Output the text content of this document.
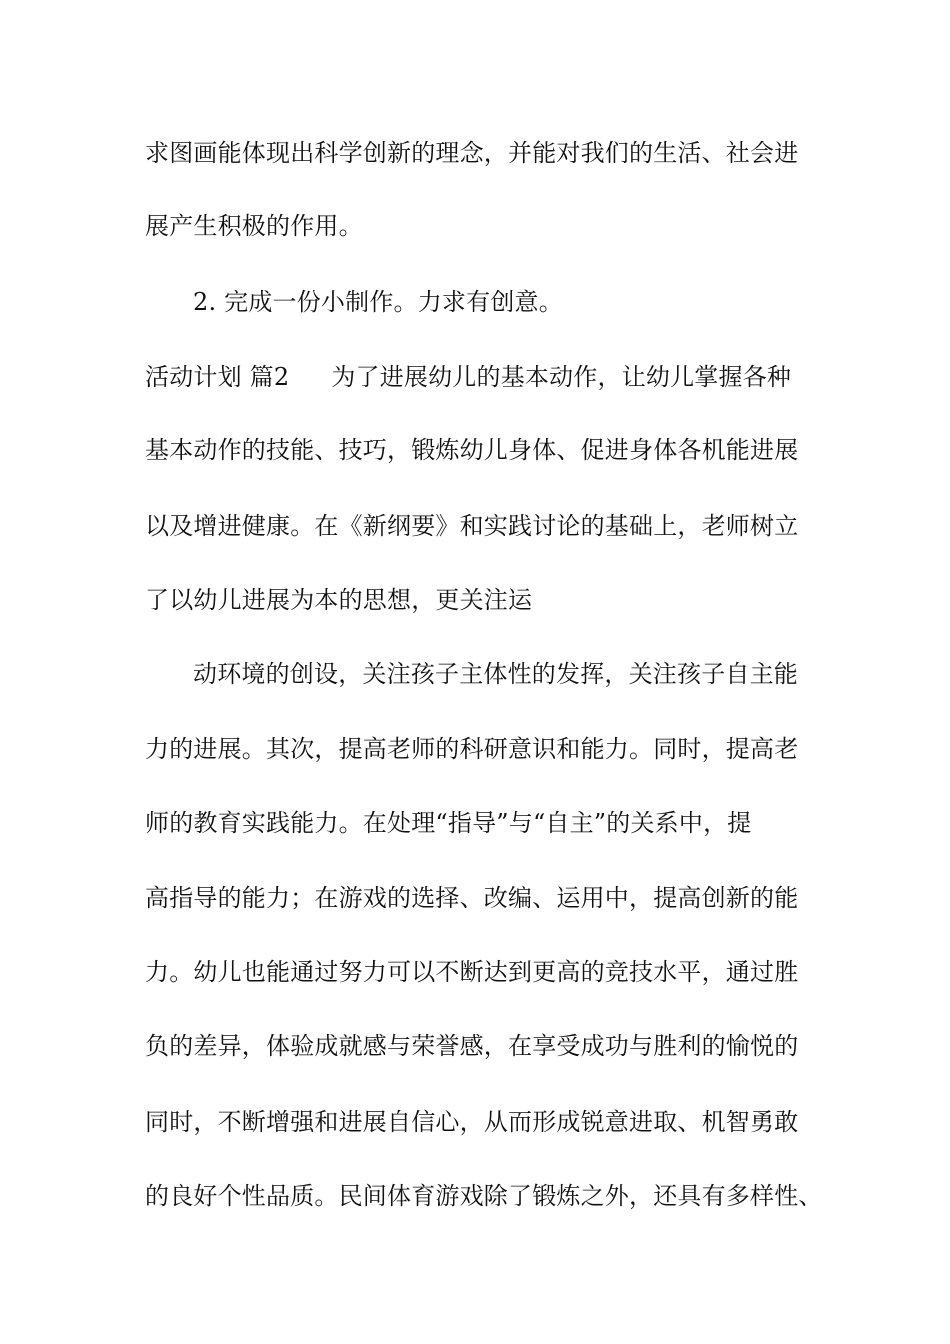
求图画能体现出科学创新的理念，并能对我们的生活、社会进
展产生积极的作用。
2. 完成一份小制作。力求有创意。
活动计划 篇2 为了进展幼儿的基本动作，让幼儿掌握各种
基本动作的技能、技巧，锻炼幼儿身体、促进身体各机能进展
以及增进健康。在《新纲要》和实践讨论的基础上，老师树立
了以幼儿进展为本的思想，更关注运
动环境的创设，关注孩子主体性的发挥，关注孩子自主能
力的进展。其次，提高老师的科研意识和能力。同时，提高老
师的教育实践能力。在处理“指导”与“自主”的关系中，提
高指导的能力；在游戏的选择、改编、运用中，提高创新的能
力。幼儿也能通过努力可以不断达到更高的竞技水平，通过胜
负的差异，体验成就感与荣誉感，在享受成功与胜利的愉悦的
同时，不断增强和进展自信心，从而形成锐意进取、机智勇敢
的良好个性品质。民间体育游戏除了锻炼之外，还具有多样性、
